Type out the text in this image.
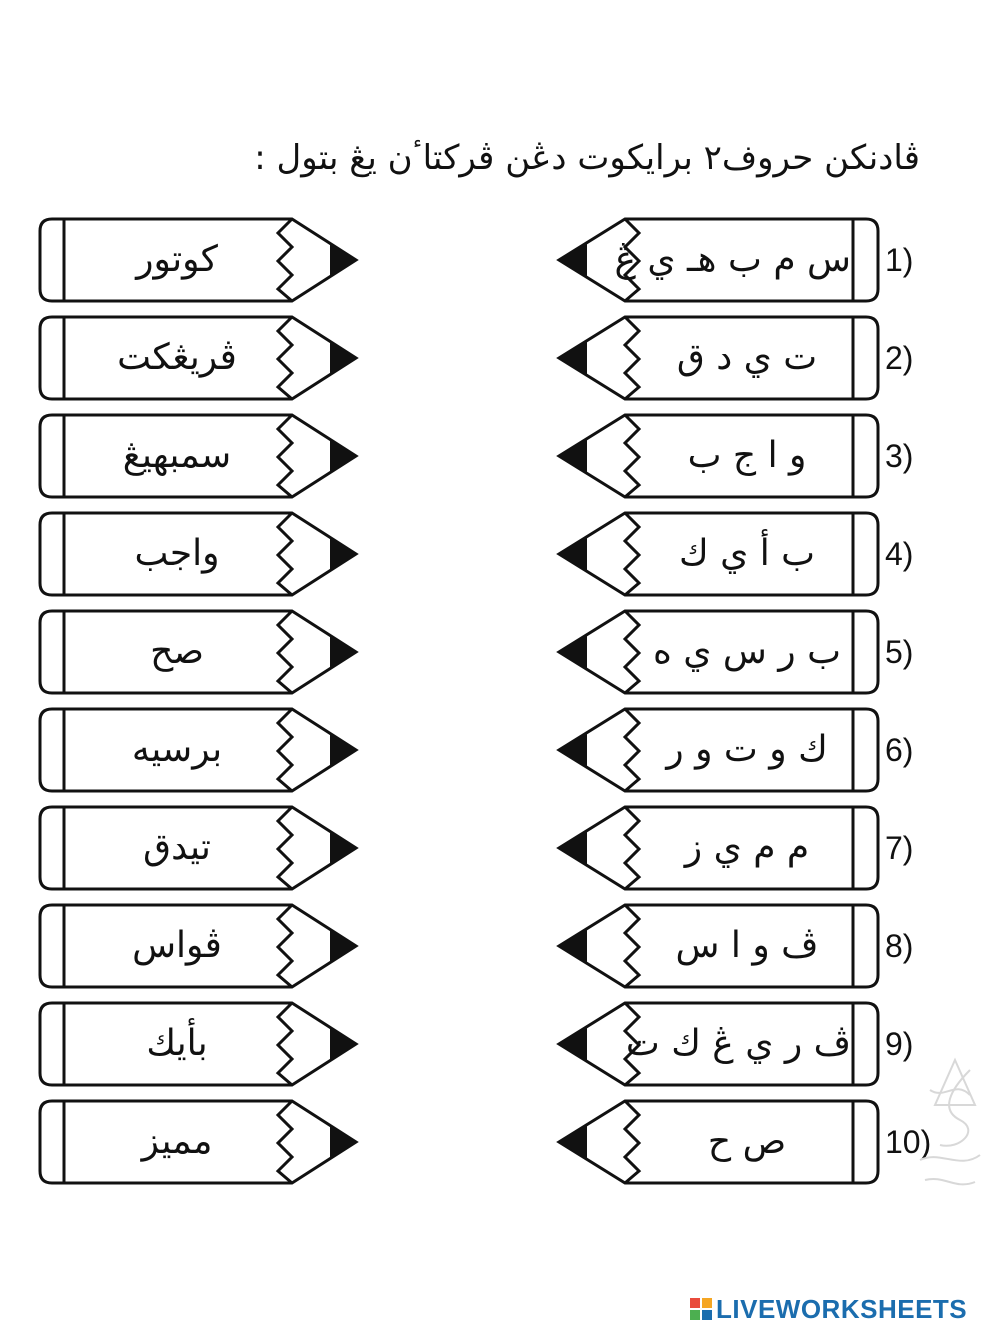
ڤادنكن حروف٢ برايكوت دڠن ڤركتاٴن يڠ بتول :
كوتور	س م ب هـ ي ڠ 1)
ڤريڠكت	ت ي د ق	2)
سمبهيڠ	و ا ج ب	3)
واجب	ب أ ي ك	4)
صح	ب ر س ي ه	5)
برسيه	ك و ت و ر	6)
تيدق	م م ي ز	7)
ڤواس	ڤ و ا س	8)
بأيك	ڤ ر ي ڠ ك ت 9)
مميز	ص ح	10)
LIVEWORKSHEETS
